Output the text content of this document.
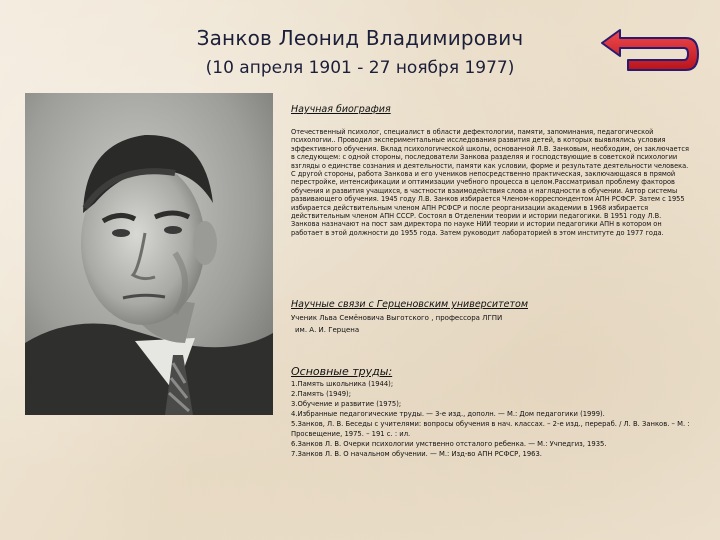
Занков Леонид Владимирович
(10 апреля 1901 - 27 ноября 1977)

Научная биография

Отечественный психолог, специалист в области дефектологии, памяти, запоминания, педагогической психологии.. Проводил экспериментальные исследования развития детей, в которых выявлялись условия эффективного обучения. Вклад психологической школы, основанной Л.В. Занковым, необходим, он заключается в следующем: с одной стороны, последователи Занкова разделяя и господствующие в советской психологии взгляды о единстве сознания и деятельности, памяти как условии, форме и результате деятельности человека. С другой стороны, работа Занкова и его учеников непосредственно практическая, заключающаяся в прямой перестройке, интенсификации и оптимизации учебного процесса в целом.Рассматривал проблему факторов обучения и развития учащихся, в частности взаимодействия слова и наглядности в обучении. Автор системы развивающего обучения. 1945 году Л.В. Занков избирается Членом-корреспондентом АПН РСФСР. Затем с 1955 избирается действительным членом АПН РСФСР и после реорганизации академии в 1968 избирается действительным членом АПН СССР. Состоял в Отделении теории и истории педагогики. В 1951 году Л.В. Занкова назначают на пост зам директора по науке НИИ теории и истории педагогики АПН в котором он работает в этой должности до 1955 года. Затем руководит лабораторией в этом институте до 1977 года.

Научные связи с Герценовским университетом

Ученик Льва Семёновича Выготского , профессора ЛГПИ

им. А. И. Герцена

Основные труды:

1.Память школьника (1944);

2.Память (1949);

3.Обучение и развитие (1975);

4.Избранные педагогические труды. — 3-е изд., дополн. — М.: Дом педагогики (1999).

5.Занков, Л. В. Беседы с учителями: вопросы обучения в нач. классах. – 2-е изд., перераб. / Л. В. Занков. – М. : Просвещение, 1975. – 191 с. : ил.

6.Занков Л. В. Очерки психологии умственно отсталого ребенка. — М.: Учпедгиз, 1935.

7.Занков Л. В. О начальном обучении. — М.: Изд-во АПН РСФСР, 1963.
